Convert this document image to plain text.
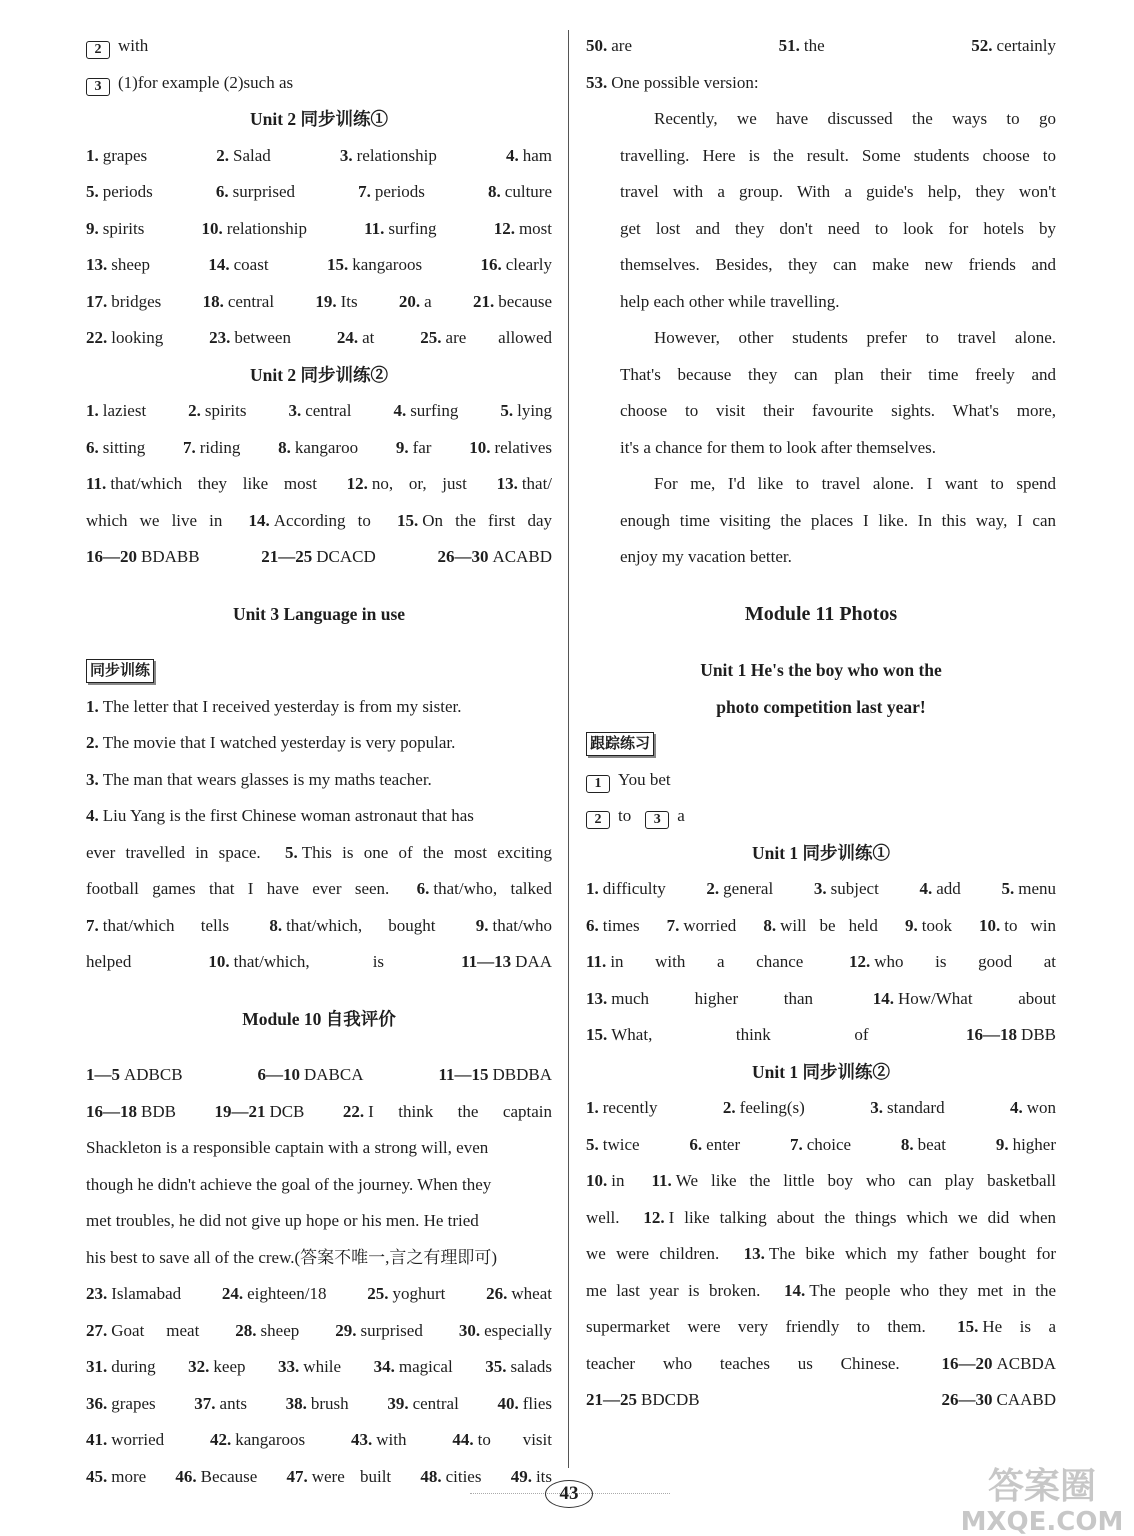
2 with
3 (1)for example (2)such as
Unit 2 同步训练①
1. grapes	2. Salad	3. relationship	4. ham
5. periods	6. surprised	7. periods	8. culture
9. spirits	10. relationship	11. surfing	12. most
13. sheep	14. coast	15. kangaroos	16. clearly
17. bridges 18. central 19. Its 20. a 21. because
22. looking	23. between	24. at	25. are allowed
Unit 2 同步训练②
1. laziest 2. spirits 3. central 4. surfing 5. lying
6. sitting 7. riding 8. kangaroo 9. far 10. relatives
11. that/which they like most 12. no, or, just 13. that/
which we live in 14. According to 15. On the first day
16—20 BDABB	21—25 DCACD	26—30 ACABD
Unit 3 Language in use
同步训练
1. The letter that I received yesterday is from my sister.
2. The movie that I watched yesterday is very popular.
3. The man that wears glasses is my maths teacher.
4. Liu Yang is the first Chinese woman astronaut that has
ever travelled in space. 5. This is one of the most exciting
football games that I have ever seen. 6. that/who, talked
7. that/which tells 8. that/which, bought 9. that/who
helped	10. that/which, is	11—13 DAA
Module 10 自我评价
1—5 ADBCB	6—10 DABCA	11—15 DBDBA
16—18 BDB 19—21 DCB 22. I think the captain
Shackleton is a responsible captain with a strong will, even
though he didn't achieve the goal of the journey. When they
met troubles, he did not give up hope or his men. He tried
his best to save all of the crew.(答案不唯一,言之有理即可)
23. Islamabad 24. eighteen/18 25. yoghurt 26. wheat
27. Goat meat 28. sheep 29. surprised 30. especially
31. during 32. keep 33. while 34. magical 35. salads
36. grapes 37. ants 38. brush 39. central 40. flies
41. worried	42. kangaroos	43. with	44. to visit
45. more 46. Because 47. were built 48. cities 49. its
50. are	51. the	52. certainly
53. One possible version:
Recently, we have discussed the ways to go
travelling. Here is the result. Some students choose to
travel with a group. With a guide's help, they won't
get lost and they don't need to look for hotels by
themselves. Besides, they can make new friends and
help each other while travelling.
However, other students prefer to travel alone.
That's because they can plan their time freely and
choose to visit their favourite sights. What's more,
it's a chance for them to look after themselves.
For me, I'd like to travel alone. I want to spend
enough time visiting the places I like. In this way, I can
enjoy my vacation better.
Module 11 Photos
Unit 1 He's the boy who won the
photo competition last year!
跟踪练习
1 You bet
2 to 3 a
Unit 1 同步训练①
1. difficulty 2. general 3. subject 4. add 5. menu
6. times 7. worried 8. will be held 9. took 10. to win
11. in with a chance	12. who is good at
13. much higher than	14. How/What about
15. What, think of	16—18 DBB
Unit 1 同步训练②
1. recently	2. feeling(s)	3. standard	4. won
5. twice	6. enter	7. choice	8. beat	9. higher
10. in 11. We like the little boy who can play basketball
well. 12. I like talking about the things which we did when
we were children. 13. The bike which my father bought for
me last year is broken. 14. The people who they met in the
supermarket were very friendly to them. 15. He is a
teacher who teaches us Chinese. 16—20 ACBDA
21—25 BDCDB	26—30 CAABD
43	答案圈
MXQE.COM
